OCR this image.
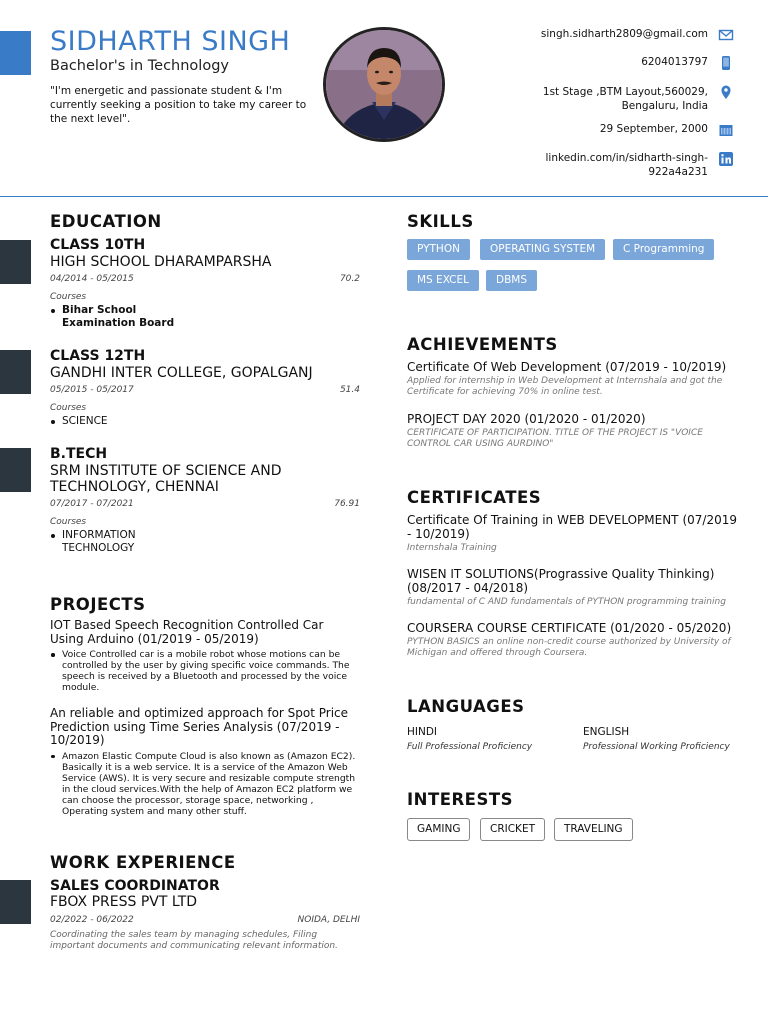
SIDHARTH SINGH
Bachelor's in Technology
"I'm energetic and passionate student & I'm currently seeking a position to take my career to the next level".
singh.sidharth2809@gmail.com
6204013797
1st Stage ,BTM Layout,560029, Bengaluru, India
29 September, 2000
linkedin.com/in/sidharth-singh-922a4a231
EDUCATION
CLASS 10TH
HIGH SCHOOL DHARAMPARSHA
04/2014 - 05/2015	70.2
Courses
Bihar School Examination Board
CLASS 12TH
GANDHI INTER COLLEGE, GOPALGANJ
05/2015 - 05/2017	51.4
Courses
SCIENCE
B.TECH
SRM INSTITUTE OF SCIENCE AND TECHNOLOGY, CHENNAI
07/2017 - 07/2021	76.91
Courses
INFORMATION TECHNOLOGY
PROJECTS
IOT Based Speech Recognition Controlled Car Using Arduino (01/2019 - 05/2019)
Voice Controlled car is a mobile robot whose motions can be controlled by the user by giving specific voice commands. The speech is received by a Bluetooth and processed by the voice module.
An reliable and optimized approach for Spot Price Prediction using Time Series Analysis (07/2019 - 10/2019)
Amazon Elastic Compute Cloud is also known as (Amazon EC2). Basically it is a web service. It is a service of the Amazon Web Service (AWS). It is very secure and resizable compute strength in the cloud services.With the help of Amazon EC2 platform we can choose the processor, storage space, networking , Operating system and many other stuff.
WORK EXPERIENCE
SALES COORDINATOR
FBOX PRESS PVT LTD
02/2022 - 06/2022	NOIDA, DELHI
Coordinating the sales team by managing schedules, Filing important documents and communicating relevant information.
SKILLS
PYTHON	OPERATING SYSTEM	C Programming
MS EXCEL	DBMS
ACHIEVEMENTS
Certificate Of Web Development (07/2019 - 10/2019)
Applied for internship in Web Development at Internshala and got the Certificate for achieving 70% in online test.
PROJECT DAY 2020 (01/2020 - 01/2020)
CERTIFICATE OF PARTICIPATION. TITLE OF THE PROJECT IS "VOICE CONTROL CAR USING AURDINO"
CERTIFICATES
Certificate Of Training in WEB DEVELOPMENT (07/2019 - 10/2019)
Internshala Training
WISEN IT SOLUTIONS(Prograssive Quality Thinking) (08/2017 - 04/2018)
fundamental of C AND fundamentals of PYTHON programming training
COURSERA COURSE CERTIFICATE (01/2020 - 05/2020)
PYTHON BASICS an online non-credit course authorized by University of Michigan and offered through Coursera.
LANGUAGES
HINDI
Full Professional Proficiency
ENGLISH
Professional Working Proficiency
INTERESTS
GAMING	CRICKET	TRAVELING
